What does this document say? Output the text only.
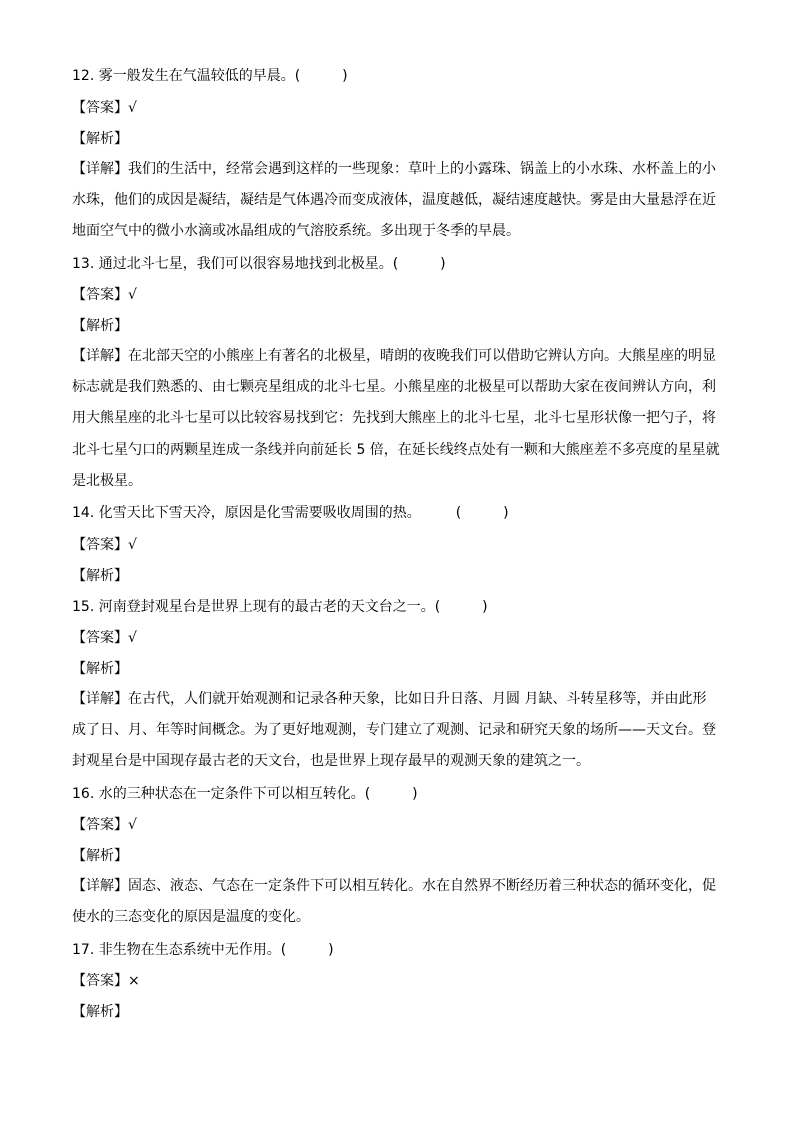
12. 雾一般发生在气温较低的早晨。(　　　)
【答案】√
【解析】
【详解】我们的生活中，经常会遇到这样的一些现象：草叶上的小露珠、锅盖上的小水珠、水杯盖上的小
水珠，他们的成因是凝结，凝结是气体遇冷而变成液体，温度越低，凝结速度越快。雾是由大量悬浮在近
地面空气中的微小水滴或冰晶组成的气溶胶系统。多出现于冬季的早晨。
13. 通过北斗七星，我们可以很容易地找到北极星。(　　　)
【答案】√
【解析】
【详解】在北部天空的小熊座上有著名的北极星，晴朗的夜晚我们可以借助它辨认方向。大熊星座的明显
标志就是我们熟悉的、由七颗亮星组成的北斗七星。小熊星座的北极星可以帮助大家在夜间辨认方向，利
用大熊星座的北斗七星可以比较容易找到它：先找到大熊座上的北斗七星，北斗七星形状像一把勺子，将
北斗七星勺口的两颗星连成一条线并向前延长 5 倍，在延长线终点处有一颗和大熊座差不多亮度的星星就
是北极星。
14. 化雪天比下雪天冷，原因是化雪需要吸收周围的热。　　　(　　　)
【答案】√
【解析】
15. 河南登封观星台是世界上现有的最古老的天文台之一。(　　　)
【答案】√
【解析】
【详解】在古代，人们就开始观测和记录各种天象，比如日升日落、月圆 月缺、斗转星移等，并由此形
成了日、月、年等时间概念。为了更好地观测，专门建立了观测、记录和研究天象的场所——天文台。登
封观星台是中国现存最古老的天文台，也是世界上现存最早的观测天象的建筑之一。
16. 水的三种状态在一定条件下可以相互转化。(　　　)
【答案】√
【解析】
【详解】固态、液态、气态在一定条件下可以相互转化。水在自然界不断经历着三种状态的循环变化，促
使水的三态变化的原因是温度的变化。
17. 非生物在生态系统中无作用。(　　　)
【答案】×
【解析】
